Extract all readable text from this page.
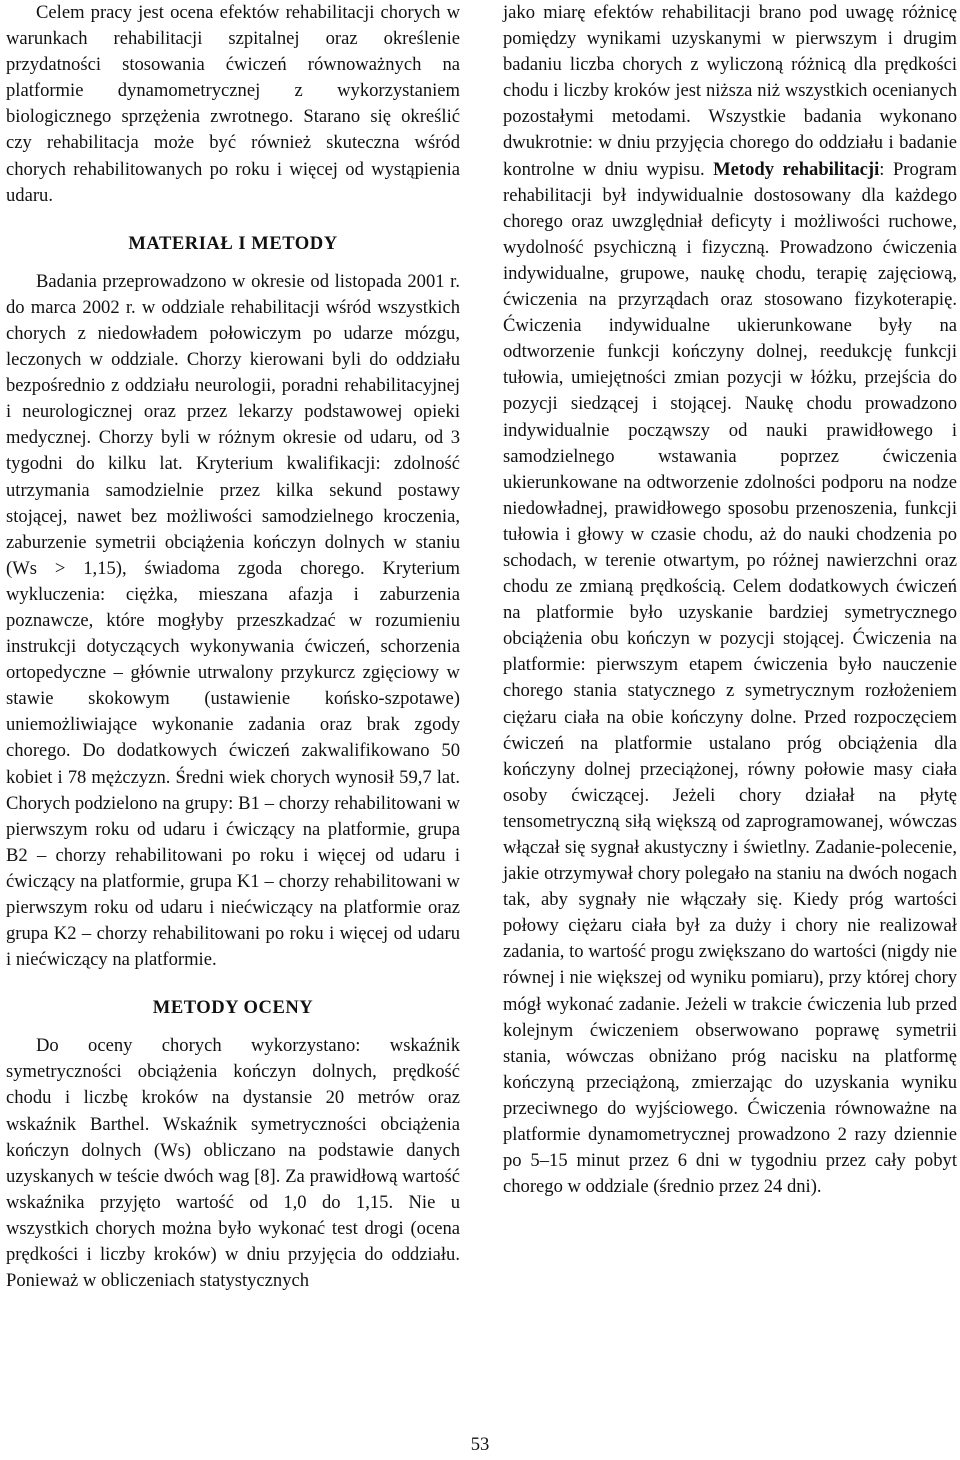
Celem pracy jest ocena efektów rehabilitacji chorych w warunkach rehabilitacji szpitalnej oraz określenie przydatności stosowania ćwiczeń równoważnych na platformie dynamometrycznej z wykorzystaniem biologicznego sprzężenia zwrotnego. Starano się określić czy rehabilitacja może być również skuteczna wśród chorych rehabilitowanych po roku i więcej od wystąpienia udaru.

MATERIAŁ I METODY

Badania przeprowadzono w okresie od listopada 2001 r. do marca 2002 r. w oddziale rehabilitacji wśród wszystkich chorych z niedowładem połowiczym po udarze mózgu, leczonych w oddziale. Chorzy kierowani byli do oddziału bezpośrednio z oddziału neurologii, poradni rehabilitacyjnej i neurologicznej oraz przez lekarzy podstawowej opieki medycznej. Chorzy byli w różnym okresie od udaru, od 3 tygodni do kilku lat. Kryterium kwalifikacji: zdolność utrzymania samodzielnie przez kilka sekund postawy stojącej, nawet bez możliwości samodzielnego kroczenia, zaburzenie symetrii obciążenia kończyn dolnych w staniu (Ws > 1,15), świadoma zgoda chorego. Kryterium wykluczenia: ciężka, mieszana afazja i zaburzenia poznawcze, które mogłyby przeszkadzać w rozumieniu instrukcji dotyczących wykonywania ćwiczeń, schorzenia ortopedyczne – głównie utrwalony przykurcz zgięciowy w stawie skokowym (ustawienie końsko-szpotawe) uniemożliwiające wykonanie zadania oraz brak zgody chorego. Do dodatkowych ćwiczeń zakwalifikowano 50 kobiet i 78 mężczyzn. Średni wiek chorych wynosił 59,7 lat. Chorych podzielono na grupy: B1 – chorzy rehabilitowani w pierwszym roku od udaru i ćwiczący na platformie, grupa B2 – chorzy rehabilitowani po roku i więcej od udaru i ćwiczący na platformie, grupa K1 – chorzy rehabilitowani w pierwszym roku od udaru i niećwiczący na platformie oraz grupa K2 – chorzy rehabilitowani po roku i więcej od udaru i niećwiczący na platformie.

METODY OCENY

Do oceny chorych wykorzystano: wskaźnik symetryczności obciążenia kończyn dolnych, prędkość chodu i liczbę kroków na dystansie 20 metrów oraz wskaźnik Barthel. Wskaźnik symetryczności obciążenia kończyn dolnych (Ws) obliczano na podstawie danych uzyskanych w teście dwóch wag [8]. Za prawidłową wartość wskaźnika przyjęto wartość od 1,0 do 1,15. Nie u wszystkich chorych można było wykonać test drogi (ocena prędkości i liczby kroków) w dniu przyjęcia do oddziału. Ponieważ w obliczeniach statystycznych

jako miarę efektów rehabilitacji brano pod uwagę różnicę pomiędzy wynikami uzyskanymi w pierwszym i drugim badaniu liczba chorych z wyliczoną różnicą dla prędkości chodu i liczby kroków jest niższa niż wszystkich ocenianych pozostałymi metodami. Wszystkie badania wykonano dwukrotnie: w dniu przyjęcia chorego do oddziału i badanie kontrolne w dniu wypisu. Metody rehabilitacji: Program rehabilitacji był indywidualnie dostosowany dla każdego chorego oraz uwzględniał deficyty i możliwości ruchowe, wydolność psychiczną i fizyczną. Prowadzono ćwiczenia indywidualne, grupowe, naukę chodu, terapię zajęciową, ćwiczenia na przyrządach oraz stosowano fizykoterapię. Ćwiczenia indywidualne ukierunkowane były na odtworzenie funkcji kończyny dolnej, reedukcję funkcji tułowia, umiejętności zmian pozycji w łóżku, przejścia do pozycji siedzącej i stojącej. Naukę chodu prowadzono indywidualnie począwszy od nauki prawidłowego i samodzielnego wstawania poprzez ćwiczenia ukierunkowane na odtworzenie zdolności podporu na nodze niedowładnej, prawidłowego sposobu przenoszenia, funkcji tułowia i głowy w czasie chodu, aż do nauki chodzenia po schodach, w terenie otwartym, po różnej nawierzchni oraz chodu ze zmianą prędkością. Celem dodatkowych ćwiczeń na platformie było uzyskanie bardziej symetrycznego obciążenia obu kończyn w pozycji stojącej. Ćwiczenia na platformie: pierwszym etapem ćwiczenia było nauczenie chorego stania statycznego z symetrycznym rozłożeniem ciężaru ciała na obie kończyny dolne. Przed rozpoczęciem ćwiczeń na platformie ustalano próg obciążenia dla kończyny dolnej przeciążonej, równy połowie masy ciała osoby ćwiczącej. Jeżeli chory działał na płytę tensometryczną siłą większą od zaprogramowanej, wówczas włączał się sygnał akustyczny i świetlny. Zadanie-polecenie, jakie otrzymywał chory polegało na staniu na dwóch nogach tak, aby sygnały nie włączały się. Kiedy próg wartości połowy ciężaru ciała był za duży i chory nie realizował zadania, to wartość progu zwiększano do wartości (nigdy nie równej i nie większej od wyniku pomiaru), przy której chory mógł wykonać zadanie. Jeżeli w trakcie ćwiczenia lub przed kolejnym ćwiczeniem obserwowano poprawę symetrii stania, wówczas obniżano próg nacisku na platformę kończyną przeciążoną, zmierzając do uzyskania wyniku przeciwnego do wyjściowego. Ćwiczenia równoważne na platformie dynamometrycznej prowadzono 2 razy dziennie po 5–15 minut przez 6 dni w tygodniu przez cały pobyt chorego w oddziale (średnio przez 24 dni).

53
